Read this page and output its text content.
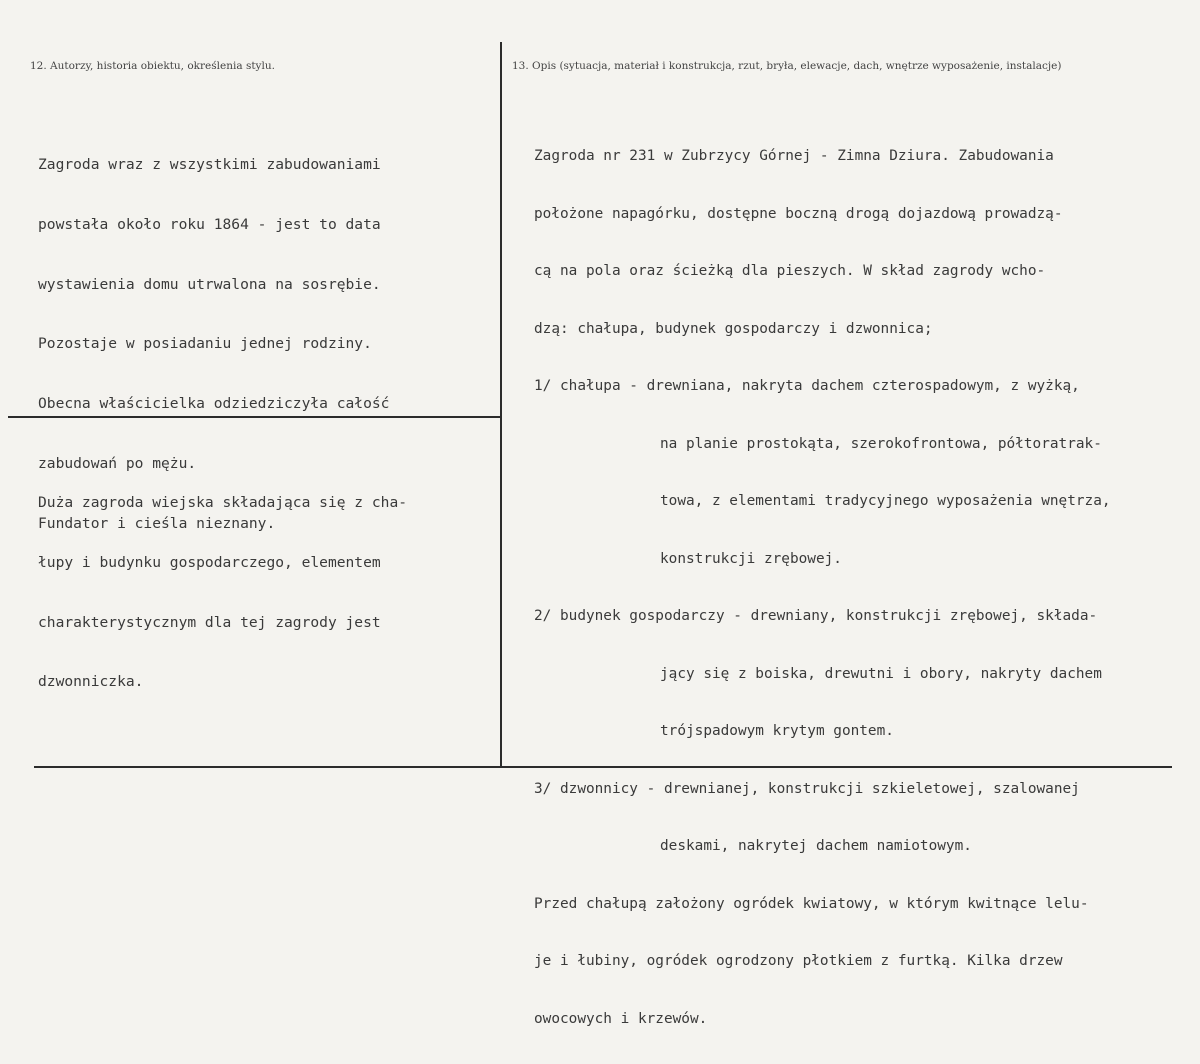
12. Autorzy, historia obiektu, określenia stylu.	13. Opis (sytuacja, materiał i konstrukcja, rzut, bryła, elewacje, dach, wnętrze wyposażenie, instalacje)

Zagroda wraz z wszystkimi zabudowaniami

powstała około roku 1864 - jest to data

wystawienia domu utrwalona na sosrębie.

Pozostaje w posiadaniu jednej rodziny.

Obecna właścicielka odziedziczyła całość

zabudowań po mężu.

Fundator i cieśla nieznany.

Duża zagroda wiejska składająca się z cha-

łupy i budynku gospodarczego, elementem

charakterystycznym dla tej zagrody jest

dzwonniczka.

Zagroda nr 231 w Zubrzycy Górnej - Zimna Dziura. Zabudowania

położone napagórku, dostępne boczną drogą dojazdową prowadzą-

cą na pola oraz ścieżką dla pieszych. W skład zagrody wcho-

dzą: chałupa, budynek gospodarczy i dzwonnica;

1/ chałupa - drewniana, nakryta dachem czterospadowym, z wyżką,

na planie prostokąta, szerokofrontowa, półtoratrak-

towa, z elementami tradycyjnego wyposażenia wnętrza,

konstrukcji zrębowej.

2/ budynek gospodarczy - drewniany, konstrukcji zrębowej, składa-

jący się z boiska, drewutni i obory, nakryty dachem

trójspadowym krytym gontem.

3/ dzwonnicy - drewnianej, konstrukcji szkieletowej, szalowanej

deskami, nakrytej dachem namiotowym.

Przed chałupą założony ogródek kwiatowy, w którym kwitnące lelu-

je i łubiny, ogródek ogrodzony płotkiem z furtką. Kilka drzew

owocowych i krzewów.
